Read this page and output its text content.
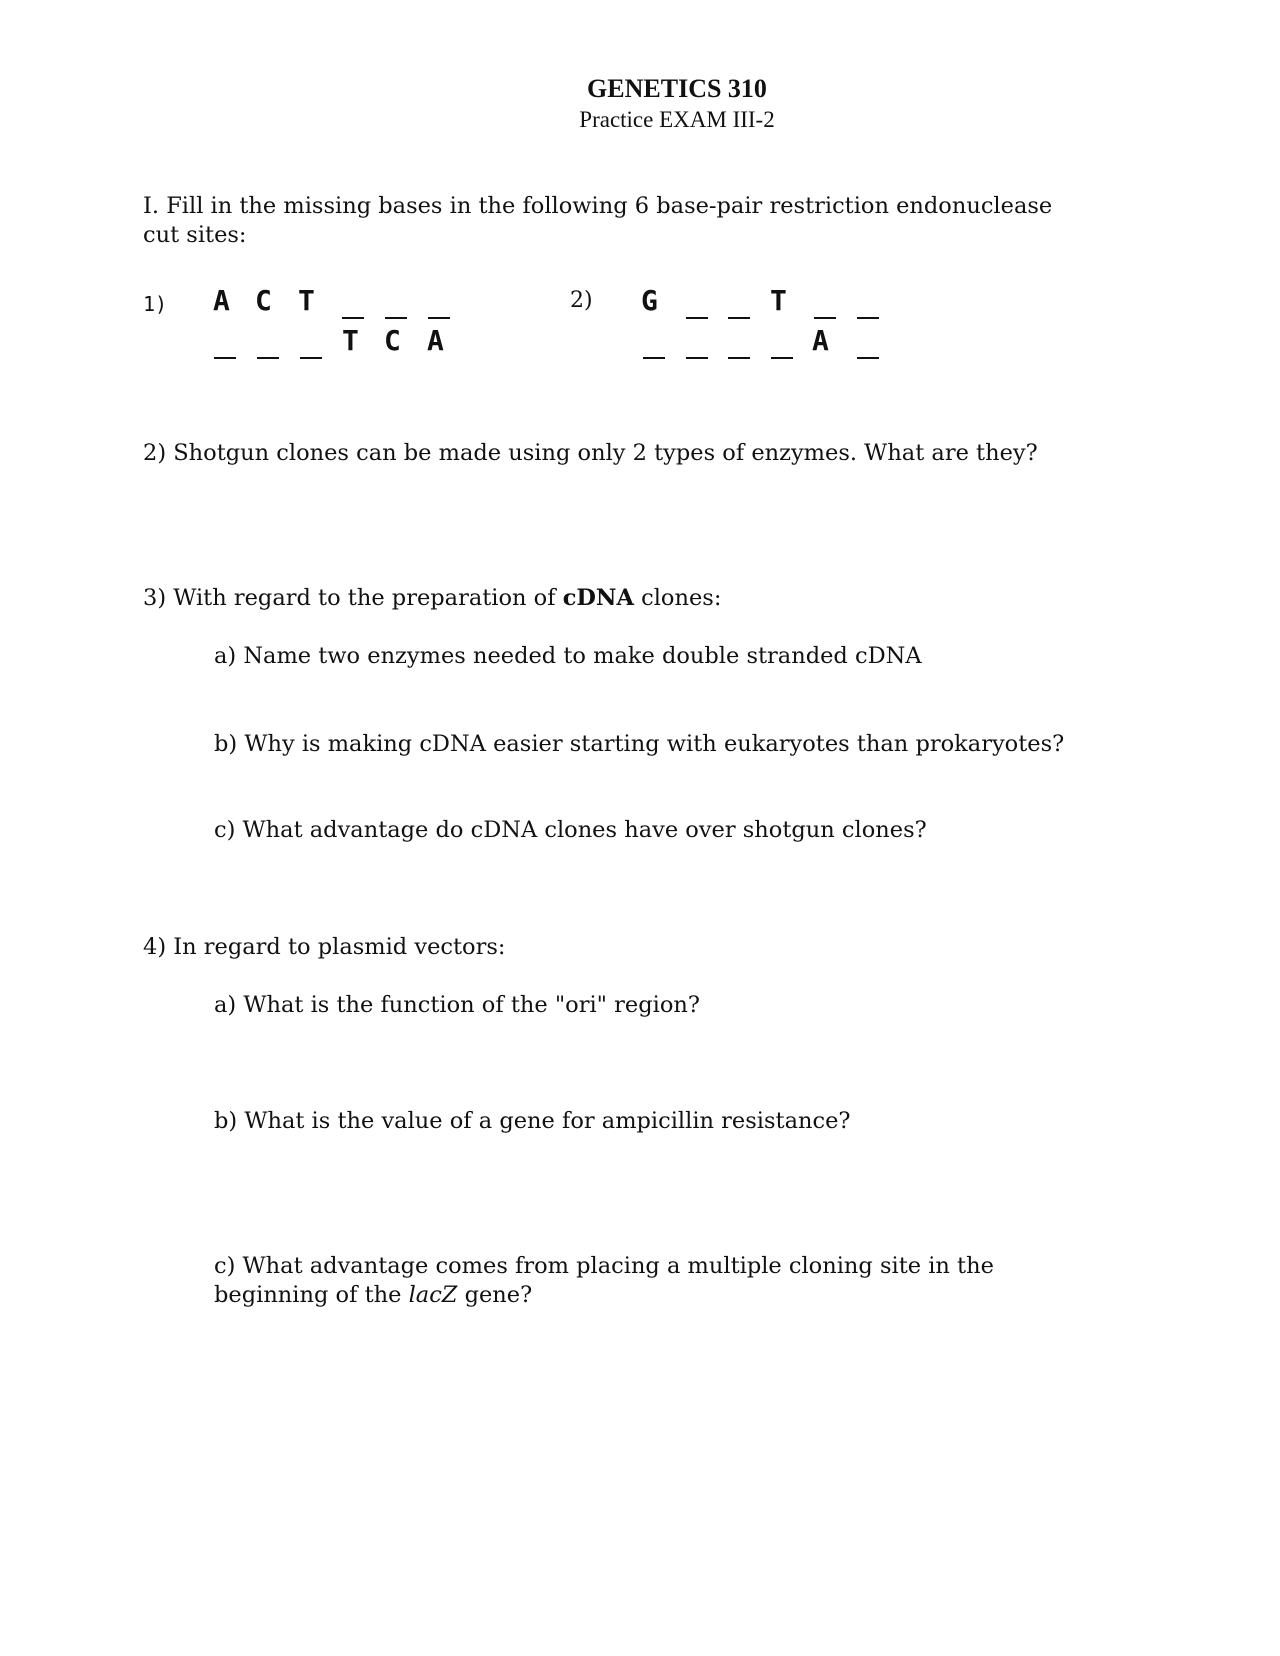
GENETICS 310
Practice EXAM III-2
I. Fill in the missing bases in the following 6 base-pair restriction endonuclease
cut sites:
1) A C T
T C A
2) G	T
A
2) Shotgun clones can be made using only 2 types of enzymes. What are they?
3) With regard to the preparation of cDNA clones:
a) Name two enzymes needed to make double stranded cDNA
b) Why is making cDNA easier starting with eukaryotes than prokaryotes?
c) What advantage do cDNA clones have over shotgun clones?
4) In regard to plasmid vectors:
a) What is the function of the "ori" region?
b) What is the value of a gene for ampicillin resistance?
c) What advantage comes from placing a multiple cloning site in the
beginning of the lacZ gene?
